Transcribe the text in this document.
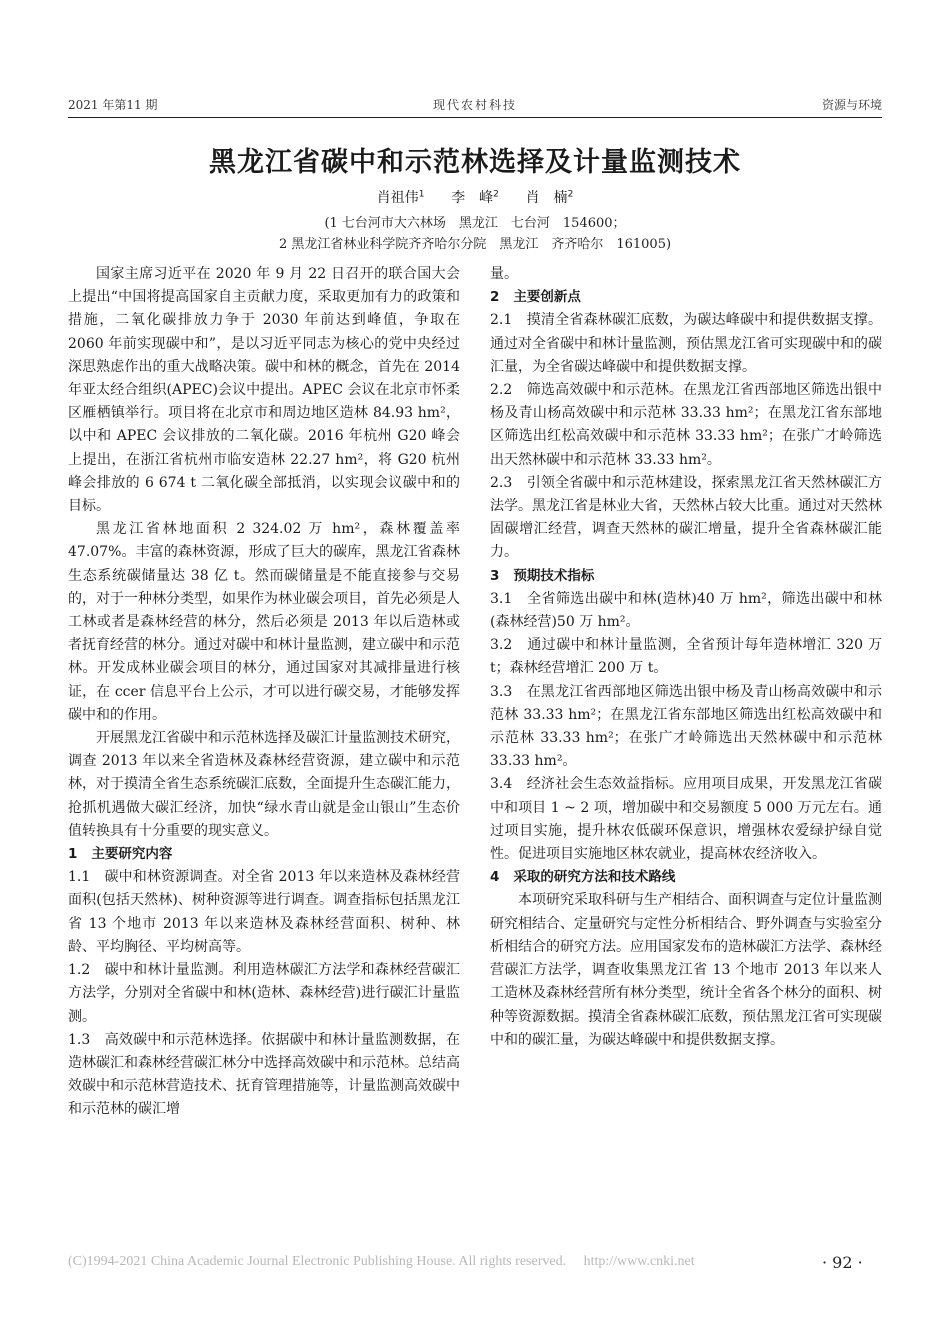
2021 年第11 期	现代农村科技	资源与环境
黑龙江省碳中和示范林选择及计量监测技术
肖祖伟$^1$ 李　峰$^2$ 肖　楠$^2$
(1 七台河市大六林场　黑龙江　七台河　154600；
2 黑龙江省林业科学院齐齐哈尔分院　黑龙江　齐齐哈尔　161005)

国家主席习近平在 2020 年 9 月 22 日召开的联合国大会上提出“中国将提高国家自主贡献力度，采取更加有力的政策和措施，二氧化碳排放力争于 2030 年前达到峰值，争取在 2060 年前实现碳中和”，是以习近平同志为核心的党中央经过深思熟虑作出的重大战略决策。碳中和林的概念，首先在 2014 年亚太经合组织(APEC)会议中提出。APEC 会议在北京市怀柔区雁栖镇举行。项目将在北京市和周边地区造林 84.93 hm²，以中和 APEC 会议排放的二氧化碳。2016 年杭州 G20 峰会上提出，在浙江省杭州市临安造林 22.27 hm²，将 G20 杭州峰会排放的 6 674 t 二氧化碳全部抵消，以实现会议碳中和的目标。

黑龙江省林地面积 2 324.02 万 hm²，森林覆盖率 47.07%。丰富的森林资源，形成了巨大的碳库，黑龙江省森林生态系统碳储量达 38 亿 t。然而碳储量是不能直接参与交易的，对于一种林分类型，如果作为林业碳会项目，首先必须是人工林或者是森林经营的林分，然后必须是 2013 年以后造林或者抚育经营的林分。通过对碳中和林计量监测，建立碳中和示范林。开发成林业碳会项目的林分，通过国家对其减排量进行核证，在 ccer 信息平台上公示，才可以进行碳交易，才能够发挥碳中和的作用。

开展黑龙江省碳中和示范林选择及碳汇计量监测技术研究，调查 2013 年以来全省造林及森林经营资源，建立碳中和示范林，对于摸清全省生态系统碳汇底数，全面提升生态碳汇能力，抢抓机遇做大碳汇经济，加快“绿水青山就是金山银山”生态价值转换具有十分重要的现实意义。

1 主要研究内容

1.1　碳中和林资源调查。对全省 2013 年以来造林及森林经营面积(包括天然林)、树种资源等进行调查。调查指标包括黑龙江省 13 个地市 2013 年以来造林及森林经营面积、树种、林龄、平均胸径、平均树高等。

1.2　碳中和林计量监测。利用造林碳汇方法学和森林经营碳汇方法学，分别对全省碳中和林(造林、森林经营)进行碳汇计量监测。

1.3　高效碳中和示范林选择。依据碳中和林计量监测数据，在造林碳汇和森林经营碳汇林分中选择高效碳中和示范林。总结高效碳中和示范林营造技术、抚育管理措施等，计量监测高效碳中和示范林的碳汇增

量。

2 主要创新点

2.1　摸清全省森林碳汇底数，为碳达峰碳中和提供数据支撑。通过对全省碳中和林计量监测，预估黑龙江省可实现碳中和的碳汇量，为全省碳达峰碳中和提供数据支撑。

2.2　筛选高效碳中和示范林。在黑龙江省西部地区筛选出银中杨及青山杨高效碳中和示范林 33.33 hm²；在黑龙江省东部地区筛选出红松高效碳中和示范林 33.33 hm²；在张广才岭筛选出天然林碳中和示范林 33.33 hm²。

2.3　引领全省碳中和示范林建设，探索黑龙江省天然林碳汇方法学。黑龙江省是林业大省，天然林占较大比重。通过对天然林固碳增汇经营，调查天然林的碳汇增量，提升全省森林碳汇能力。

3 预期技术指标

3.1　全省筛选出碳中和林(造林)40 万 hm²，筛选出碳中和林(森林经营)50 万 hm²。

3.2　通过碳中和林计量监测，全省预计每年造林增汇 320 万 t；森林经营增汇 200 万 t。

3.3　在黑龙江省西部地区筛选出银中杨及青山杨高效碳中和示范林 33.33 hm²；在黑龙江省东部地区筛选出红松高效碳中和示范林 33.33 hm²；在张广才岭筛选出天然林碳中和示范林 33.33 hm²。

3.4　经济社会生态效益指标。应用项目成果，开发黑龙江省碳中和项目 1 ~ 2 项，增加碳中和交易额度 5 000 万元左右。通过项目实施，提升林农低碳环保意识，增强林农爱绿护绿自觉性。促进项目实施地区林农就业，提高林农经济收入。

4 采取的研究方法和技术路线

本项研究采取科研与生产相结合、面积调查与定位计量监测研究相结合、定量研究与定性分析相结合、野外调查与实验室分析相结合的研究方法。应用国家发布的造林碳汇方法学、森林经营碳汇方法学，调查收集黑龙江省 13 个地市 2013 年以来人工造林及森林经营所有林分类型，统计全省各个林分的面积、树种等资源数据。摸清全省森林碳汇底数，预估黑龙江省可实现碳中和的碳汇量，为碳达峰碳中和提供数据支撑。

(C)1994-2021 China Academic Journal Electronic Publishing House. All rights reserved.　 http://www.cnki.net	· 92 ·
